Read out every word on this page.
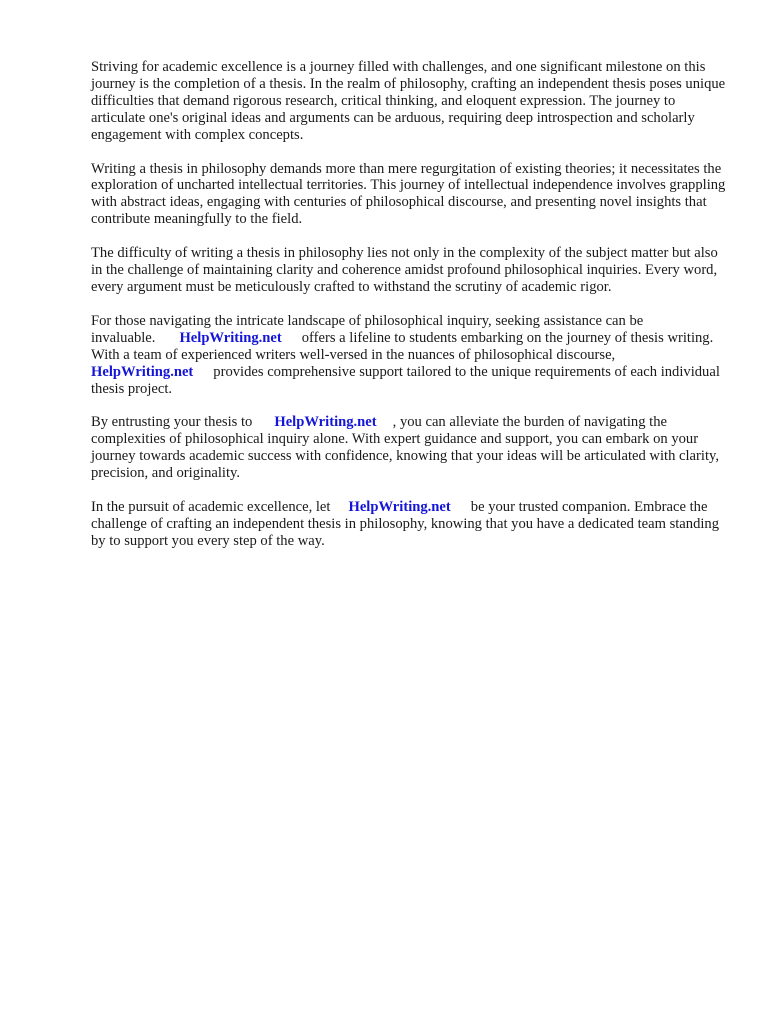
Striving for academic excellence is a journey filled with challenges, and one significant milestone on this journey is the completion of a thesis. In the realm of philosophy, crafting an independent thesis poses unique difficulties that demand rigorous research, critical thinking, and eloquent expression. The journey to articulate one's original ideas and arguments can be arduous, requiring deep introspection and scholarly engagement with complex concepts.

Writing a thesis in philosophy demands more than mere regurgitation of existing theories; it necessitates the exploration of uncharted intellectual territories. This journey of intellectual independence involves grappling with abstract ideas, engaging with centuries of philosophical discourse, and presenting novel insights that contribute meaningfully to the field.

The difficulty of writing a thesis in philosophy lies not only in the complexity of the subject matter but also in the challenge of maintaining clarity and coherence amidst profound philosophical inquiries. Every word, every argument must be meticulously crafted to withstand the scrutiny of academic rigor.

For those navigating the intricate landscape of philosophical inquiry, seeking assistance can be invaluable. HelpWriting.net offers a lifeline to students embarking on the journey of thesis writing. With a team of experienced writers well-versed in the nuances of philosophical discourse, HelpWriting.net provides comprehensive support tailored to the unique requirements of each individual thesis project.

By entrusting your thesis to HelpWriting.net , you can alleviate the burden of navigating the complexities of philosophical inquiry alone. With expert guidance and support, you can embark on your journey towards academic success with confidence, knowing that your ideas will be articulated with clarity, precision, and originality.

In the pursuit of academic excellence, let HelpWriting.net be your trusted companion. Embrace the challenge of crafting an independent thesis in philosophy, knowing that you have a dedicated team standing by to support you every step of the way.
